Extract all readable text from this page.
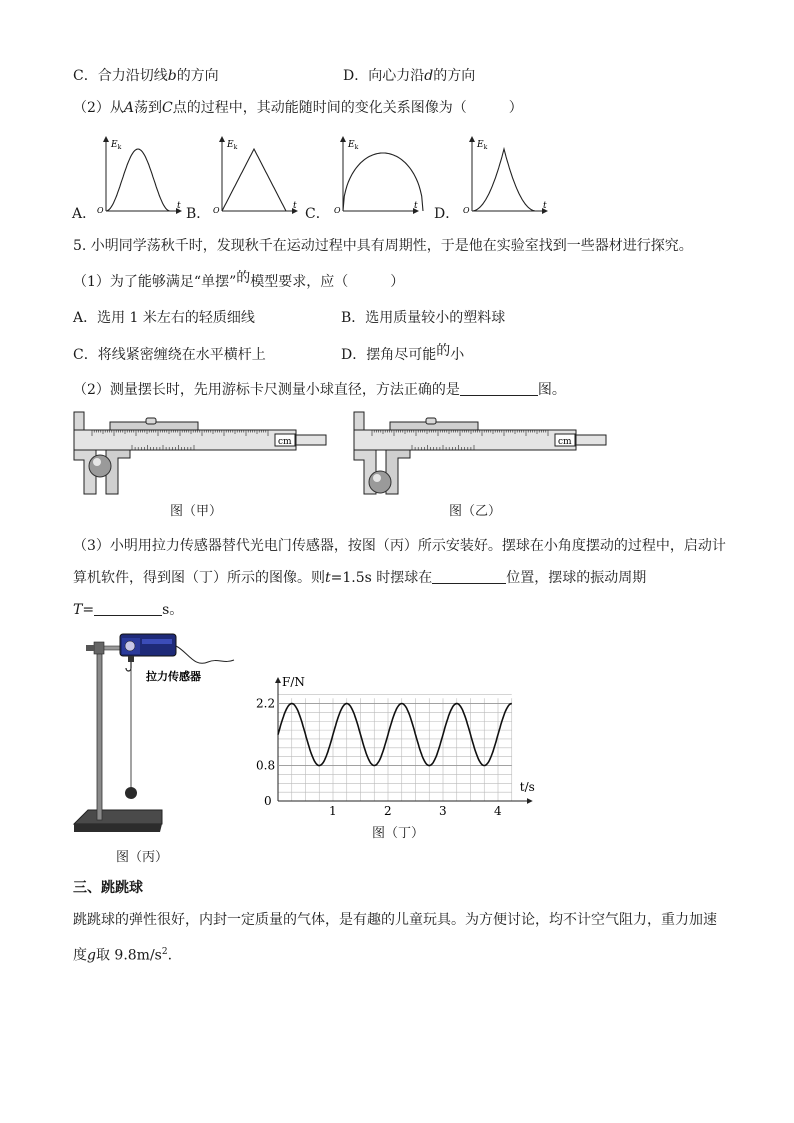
C．合力沿切线b的方向	D．向心力沿d的方向
（2）从A荡到C点的过程中，其动能随时间的变化关系图像为（　　　）
$E_k$
t
O
$E_k$
t
O
$E_k$
t
O
$E_k$
t
O
A．	B．	C．	D．
5. 小明同学荡秋千时，发现秋千在运动过程中具有周期性，于是他在实验室找到一些器材进行探究。
（1）为了能够满足“单摆”的模型要求，应（　　　）
A．选用 1 米左右的轻质细线	B．选用质量较小的塑料球
C．将线紧密缠绕在水平横杆上	D．摆角尽可能的小
（2）测量摆长时，先用游标卡尺测量小球直径，方法正确的是	图。
cm
图（甲）
cm
图（乙）
（3）小明用拉力传感器替代光电门传感器，按图（丙）所示安装好。摆球在小角度摆动的过程中，启动计
算机软件，得到图（丁）所示的图像。则t=1.5s 时摆球在	位置，摆球的振动周期
T=	s。
拉力传感器
图（丙）
F/N
t/s
0
1	2	3	4
0.8
2.2
图（丁）
三、跳跳球
跳跳球的弹性很好，内封一定质量的气体，是有趣的儿童玩具。为方便讨论，均不计空气阻力，重力加速
度g取 $9.8m/s^2$.
